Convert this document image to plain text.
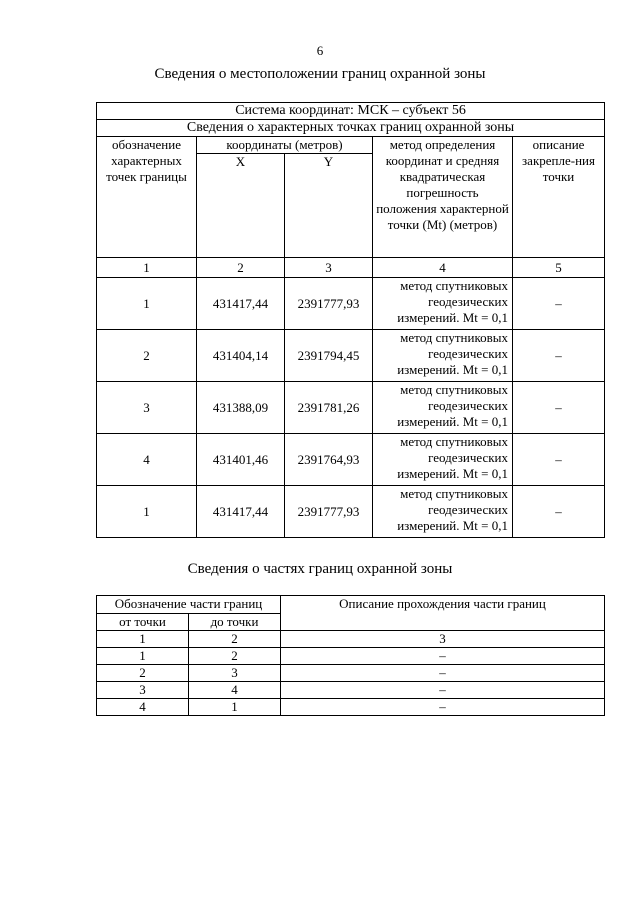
6
Сведения о местоположении границ охранной зоны
Система координат: МСК – субъект 56				
Сведения о характерных точках границ охранной зоны				
обозначение характерных точек границы	координаты (метров)		метод определения координат и средняя квадратическая погрешность положения характерной точки (Mt) (метров)	описание закрепле-ния точки
	X	Y		
1	2	3	4	5
1	431417,44	2391777,93	метод спутниковых геодезических измерений. Mt = 0,1	–
2	431404,14	2391794,45	метод спутниковых геодезических измерений. Mt = 0,1	–
3	431388,09	2391781,26	метод спутниковых геодезических измерений. Mt = 0,1	–
4	431401,46	2391764,93	метод спутниковых геодезических измерений. Mt = 0,1	–
1	431417,44	2391777,93	метод спутниковых геодезических измерений. Mt = 0,1	–
Сведения о частях границ охранной зоны
Обозначение части границ		Описание прохождения части границ
от точки	до точки	
1	2	3
1	2	–
2	3	–
3	4	–
4	1	–
